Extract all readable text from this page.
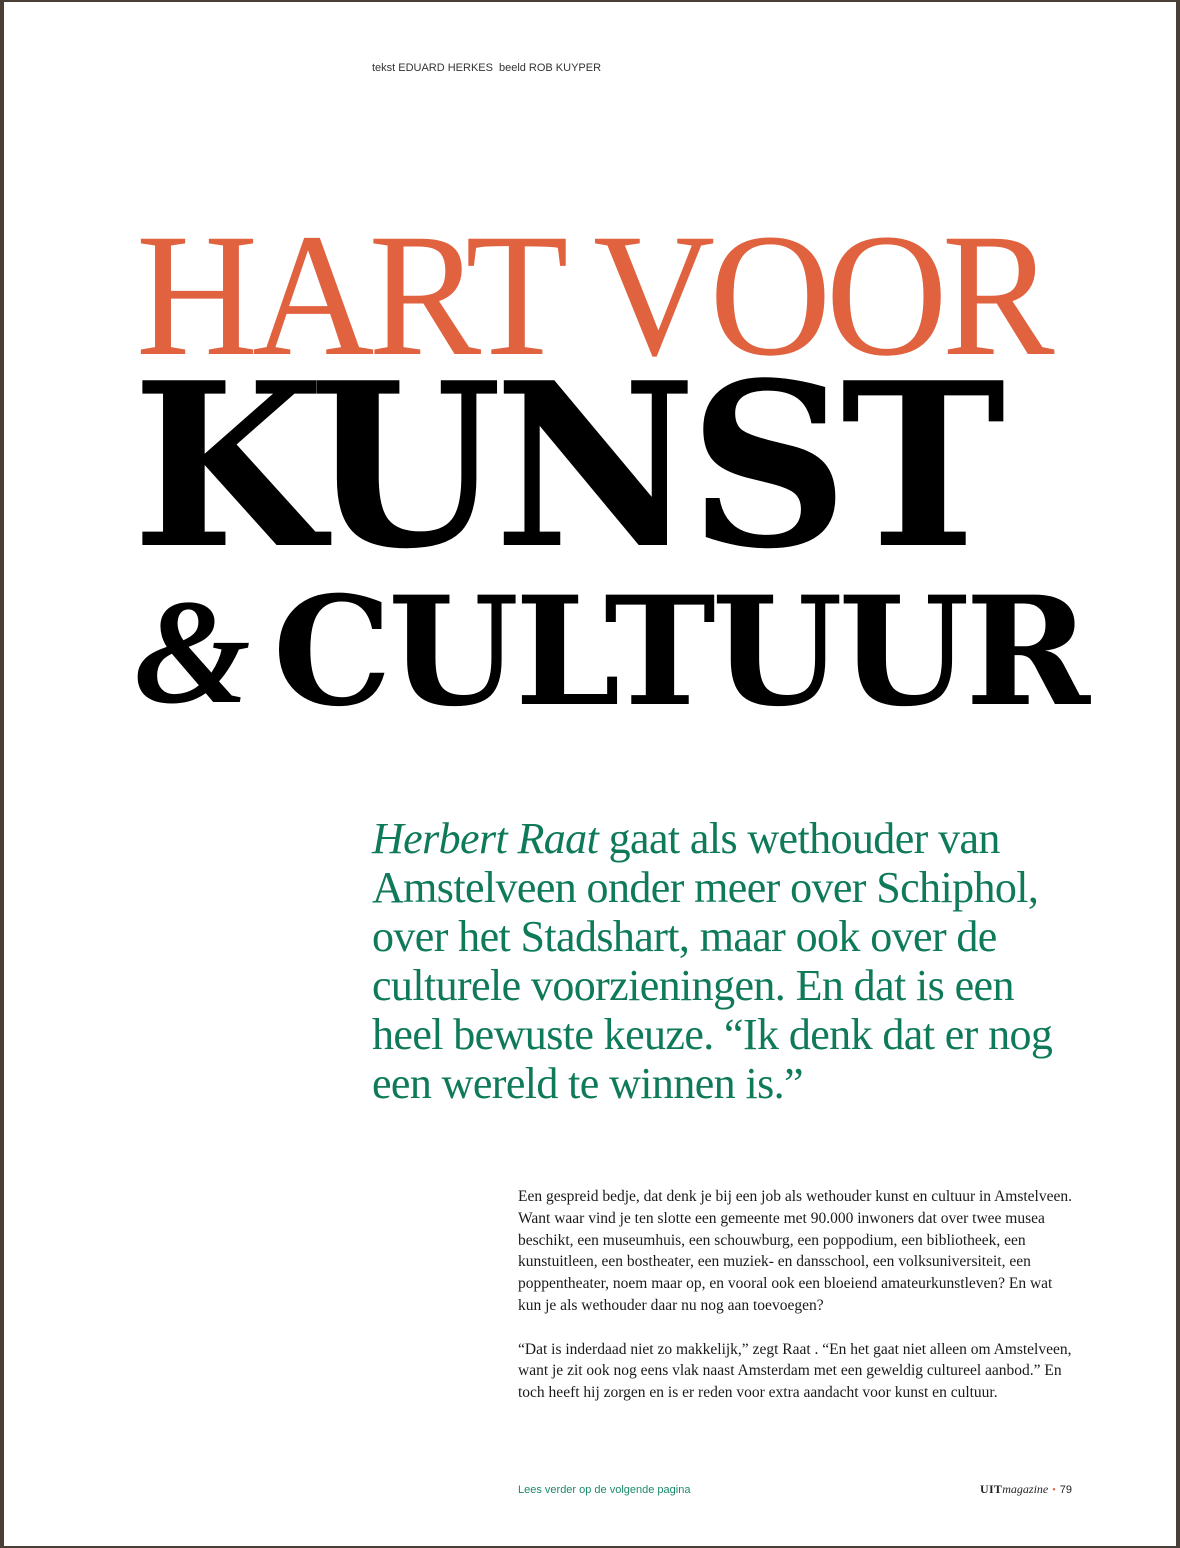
tekst EDUARD HERKES beeld ROB KUYPER
HART VOOR
KUNST
& CULTUUR
Herbert Raat gaat als wethouder van Amstelveen onder meer over Schiphol, over het Stadshart, maar ook over de culturele voorzieningen. En dat is een heel bewuste keuze. “Ik denk dat er nog een wereld te winnen is.”

Een gespreid bedje, dat denk je bij een job als wethouder kunst en cultuur in Amstelveen. Want waar vind je ten slotte een gemeente met 90.000 inwoners dat over twee musea beschikt, een museumhuis, een schouwburg, een poppodium, een bibliotheek, een kunstuitleen, een bostheater, een muziek- en dansschool, een volksuniversiteit, een poppentheater, noem maar op, en vooral ook een bloeiend amateurkunstleven? En wat kun je als wethouder daar nu nog aan toevoegen?

“Dat is inderdaad niet zo makkelijk,” zegt Raat . “En het gaat niet alleen om Amstelveen, want je zit ook nog eens vlak naast Amsterdam met een geweldig cultureel aanbod.” En toch heeft hij zorgen en is er reden voor extra aandacht voor kunst en cultuur.

Lees verder op de volgende pagina	UITmagazine • 79
